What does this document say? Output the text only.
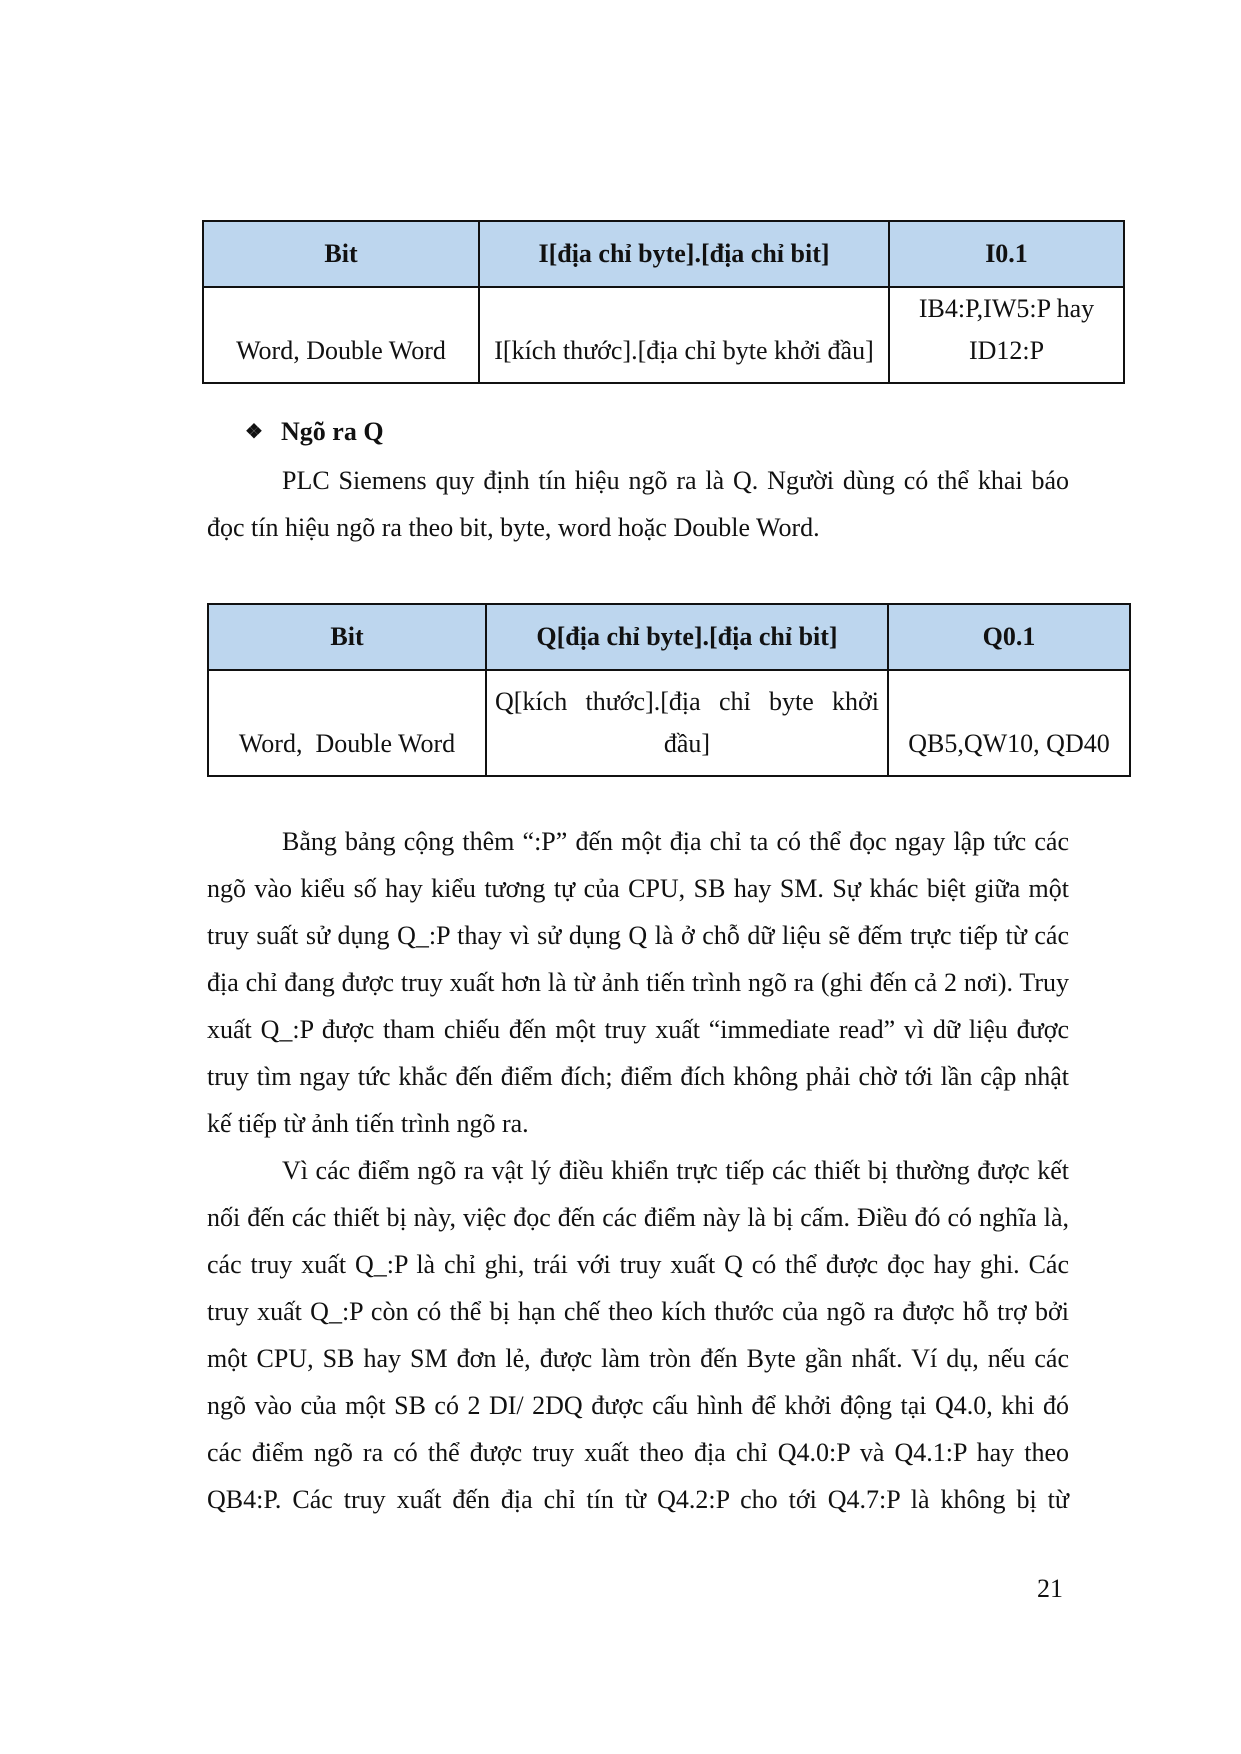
Bit	I[địa chỉ byte].[địa chỉ bit]	I0.1
Word, Double Word	I[kích thước].[địa chỉ byte khởi đầu]	IB4:P,IW5:P hay ID12:P
❖ Ngõ ra Q

PLC Siemens quy định tín hiệu ngõ ra là Q. Người dùng có thể khai báo đọc tín hiệu ngõ ra theo bit, byte, word hoặc Double Word.

Bit	Q[địa chỉ byte].[địa chỉ bit]	Q0.1
Word,  Double Word	Q[kích thước].[địa chỉ byte khởi đầu]	QB5,QW10, QD40

Bằng bảng cộng thêm “:P” đến một địa chỉ ta có thể đọc ngay lập tức các ngõ vào kiểu số hay kiểu tương tự của CPU, SB hay SM. Sự khác biệt giữa một truy suất sử dụng Q_:P thay vì sử dụng Q là ở chỗ dữ liệu sẽ đếm trực tiếp từ các địa chỉ đang được truy xuất hơn là từ ảnh tiến trình ngõ ra (ghi đến cả 2 nơi). Truy xuất Q_:P được tham chiếu đến một truy xuất “immediate read” vì dữ liệu được truy tìm ngay tức khắc đến điểm đích; điểm đích không phải chờ tới lần cập nhật kế tiếp từ ảnh tiến trình ngõ ra.

Vì các điểm ngõ ra vật lý điều khiển trực tiếp các thiết bị thường được kết nối đến các thiết bị này, việc đọc đến các điểm này là bị cấm. Điều đó có nghĩa là, các truy xuất Q_:P là chỉ ghi, trái với truy xuất Q có thể được đọc hay ghi. Các truy xuất Q_:P còn có thể bị hạn chế theo kích thước của ngõ ra được hỗ trợ bởi một CPU, SB hay SM đơn lẻ, được làm tròn đến Byte gần nhất. Ví dụ, nếu các ngõ vào của một SB có 2 DI/ 2DQ được cấu hình để khởi động tại Q4.0, khi đó các điểm ngõ ra có thể được truy xuất theo địa chỉ Q4.0:P và Q4.1:P hay theo QB4:P. Các truy xuất đến địa chỉ tín từ Q4.2:P cho tới Q4.7:P là không bị từ

21
